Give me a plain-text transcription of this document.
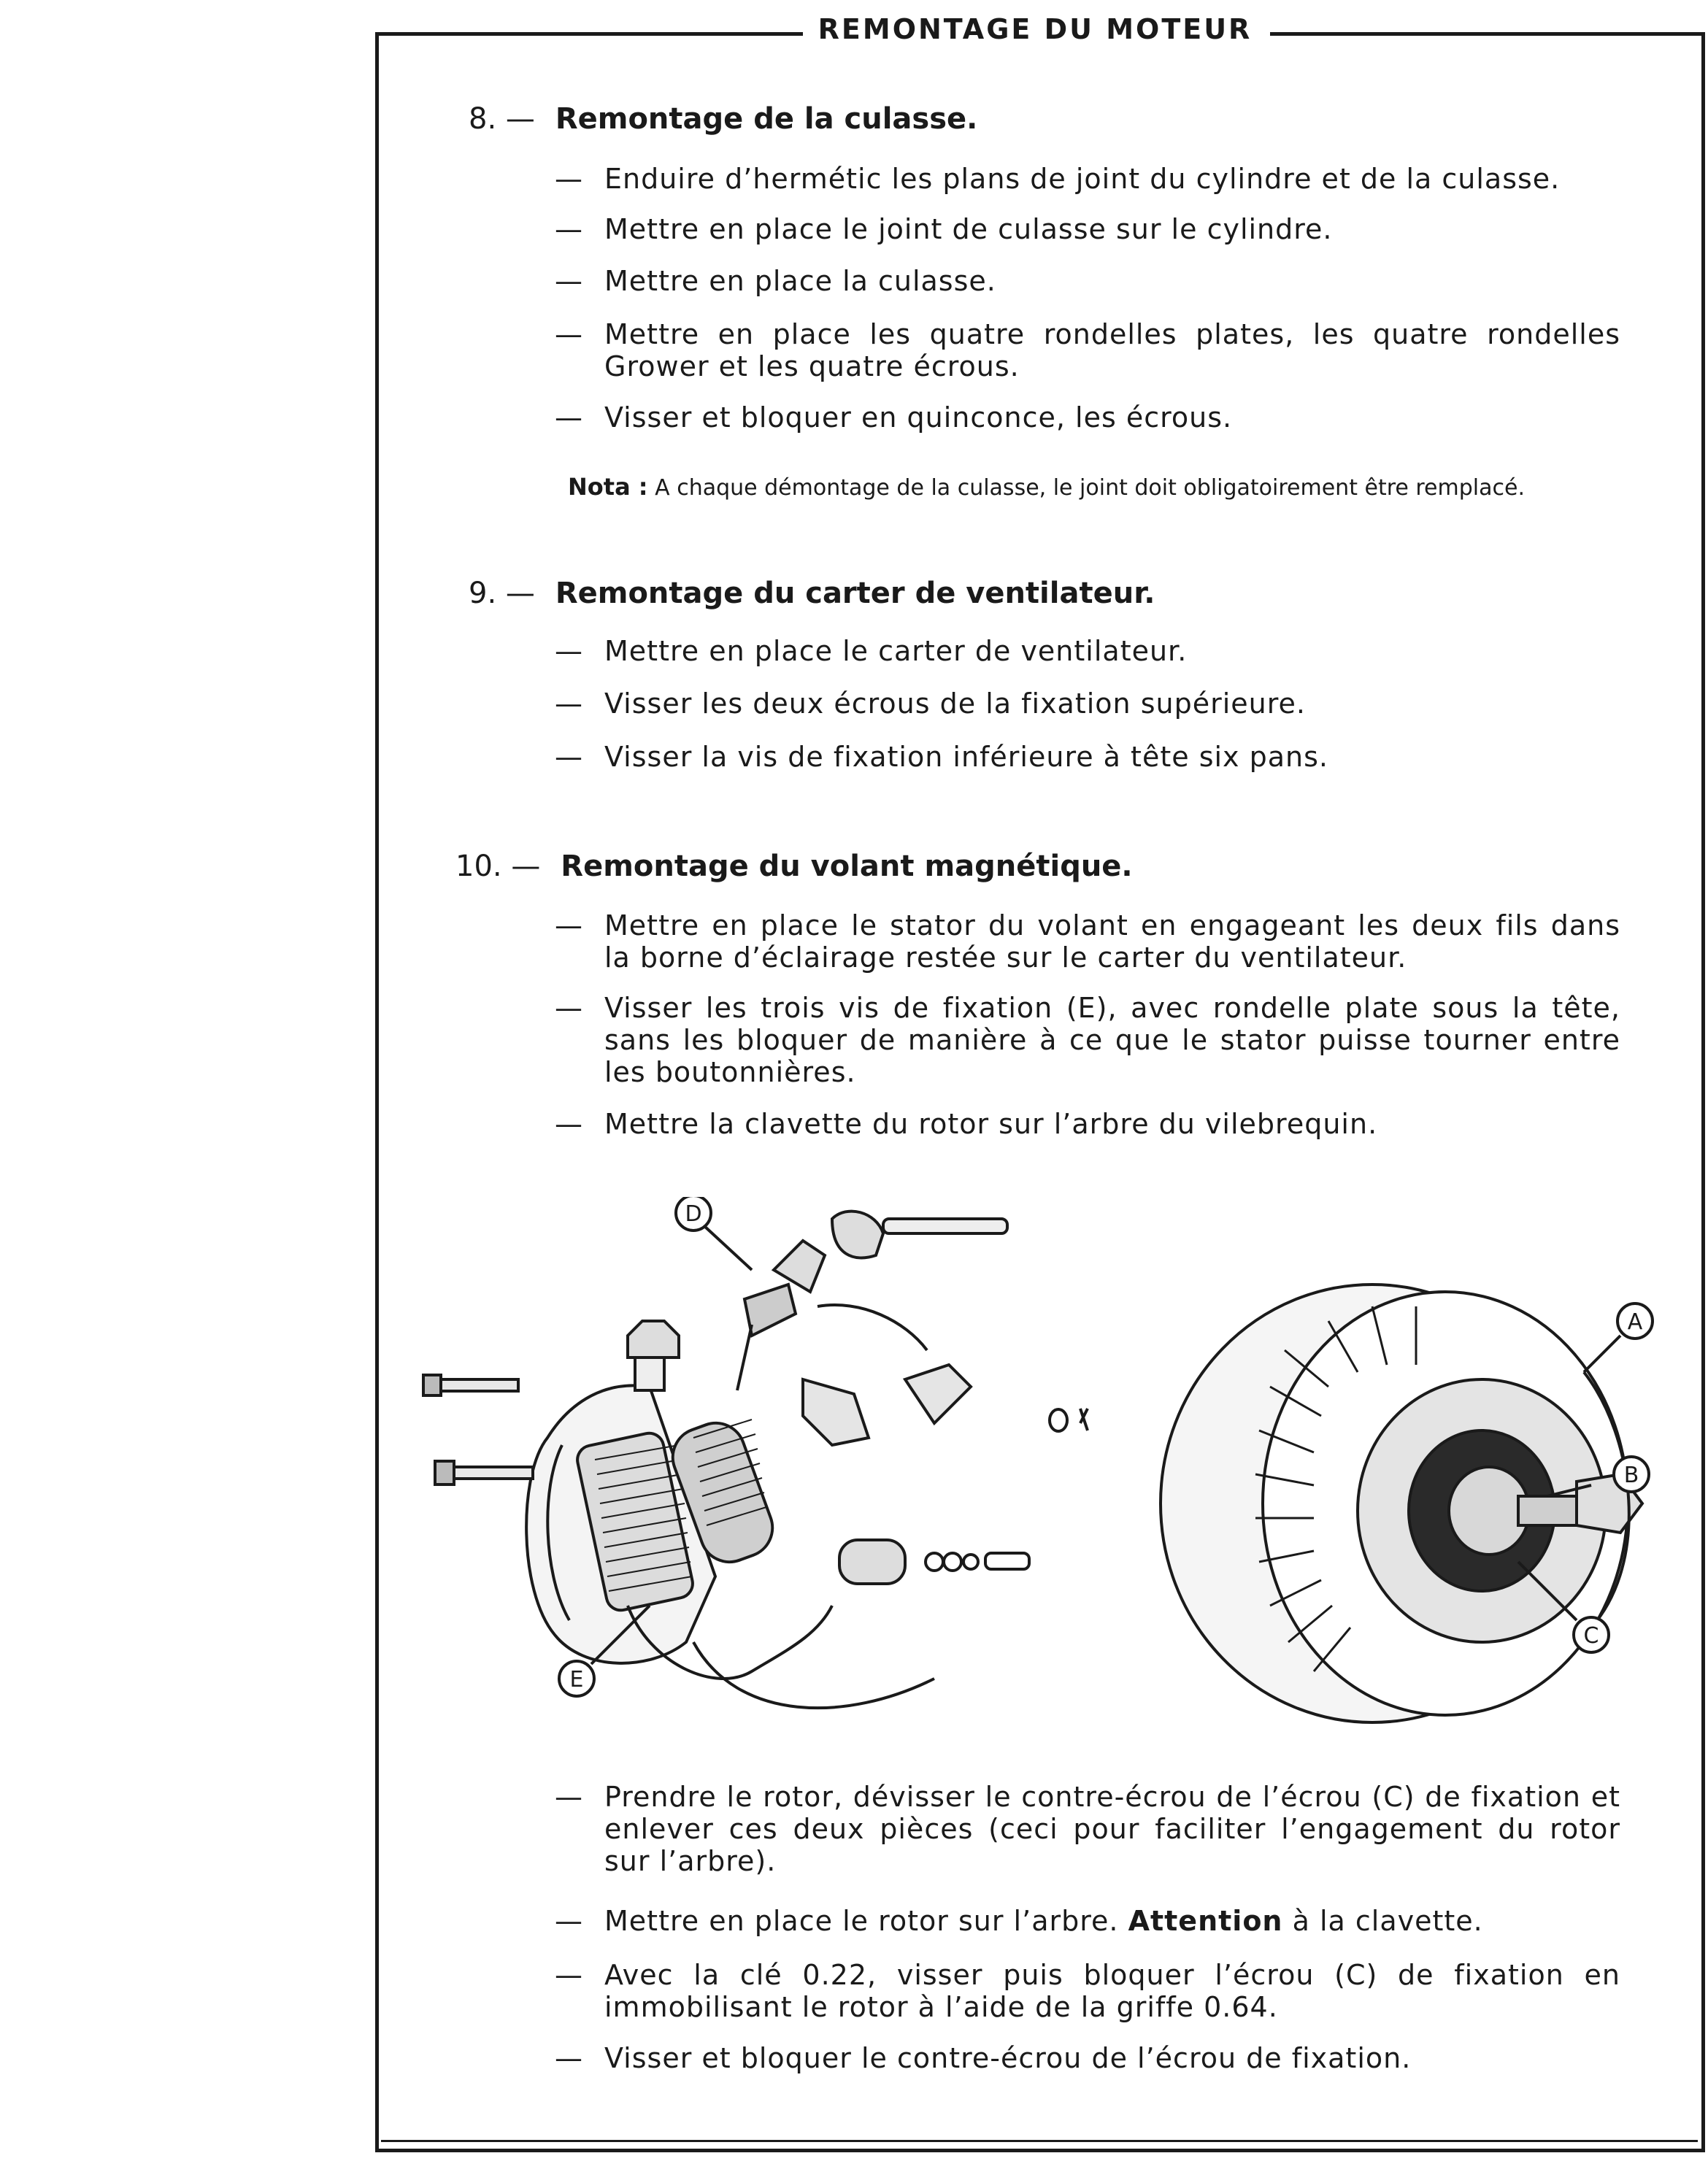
REMONTAGE DU MOTEUR
8. — Remontage de la culasse.
— Enduire d’hermétic les plans de joint du cylindre et de la culasse.
— Mettre en place le joint de culasse sur le cylindre.
— Mettre en place la culasse.
— Mettre en place les quatre rondelles plates, les quatre rondelles Grower et les quatre écrous.
— Visser et bloquer en quinconce, les écrous.
Nota : A chaque démontage de la culasse, le joint doit obligatoirement être remplacé.
9. — Remontage du carter de ventilateur.
— Mettre en place le carter de ventilateur.
— Visser les deux écrous de la fixation supérieure.
— Visser la vis de fixation inférieure à tête six pans.
10. — Remontage du volant magnétique.
— Mettre en place le stator du volant en engageant les deux fils dans la borne d’éclairage restée sur le carter du ventilateur.
— Visser les trois vis de fixation (E), avec rondelle plate sous la tête, sans les bloquer de manière à ce que le stator puisse tourner entre les boutonnières.
— Mettre la clavette du rotor sur l’arbre du vilebrequin.
A
B
C
D
E
— Prendre le rotor, dévisser le contre-écrou de l’écrou (C) de fixation et enlever ces deux pièces (ceci pour faciliter l’engagement du rotor sur l’arbre).
— Mettre en place le rotor sur l’arbre. Attention à la clavette.
— Avec la clé 0.22, visser puis bloquer l’écrou (C) de fixation en immobilisant le rotor à l’aide de la griffe 0.64.
— Visser et bloquer le contre-écrou de l’écrou de fixation.
